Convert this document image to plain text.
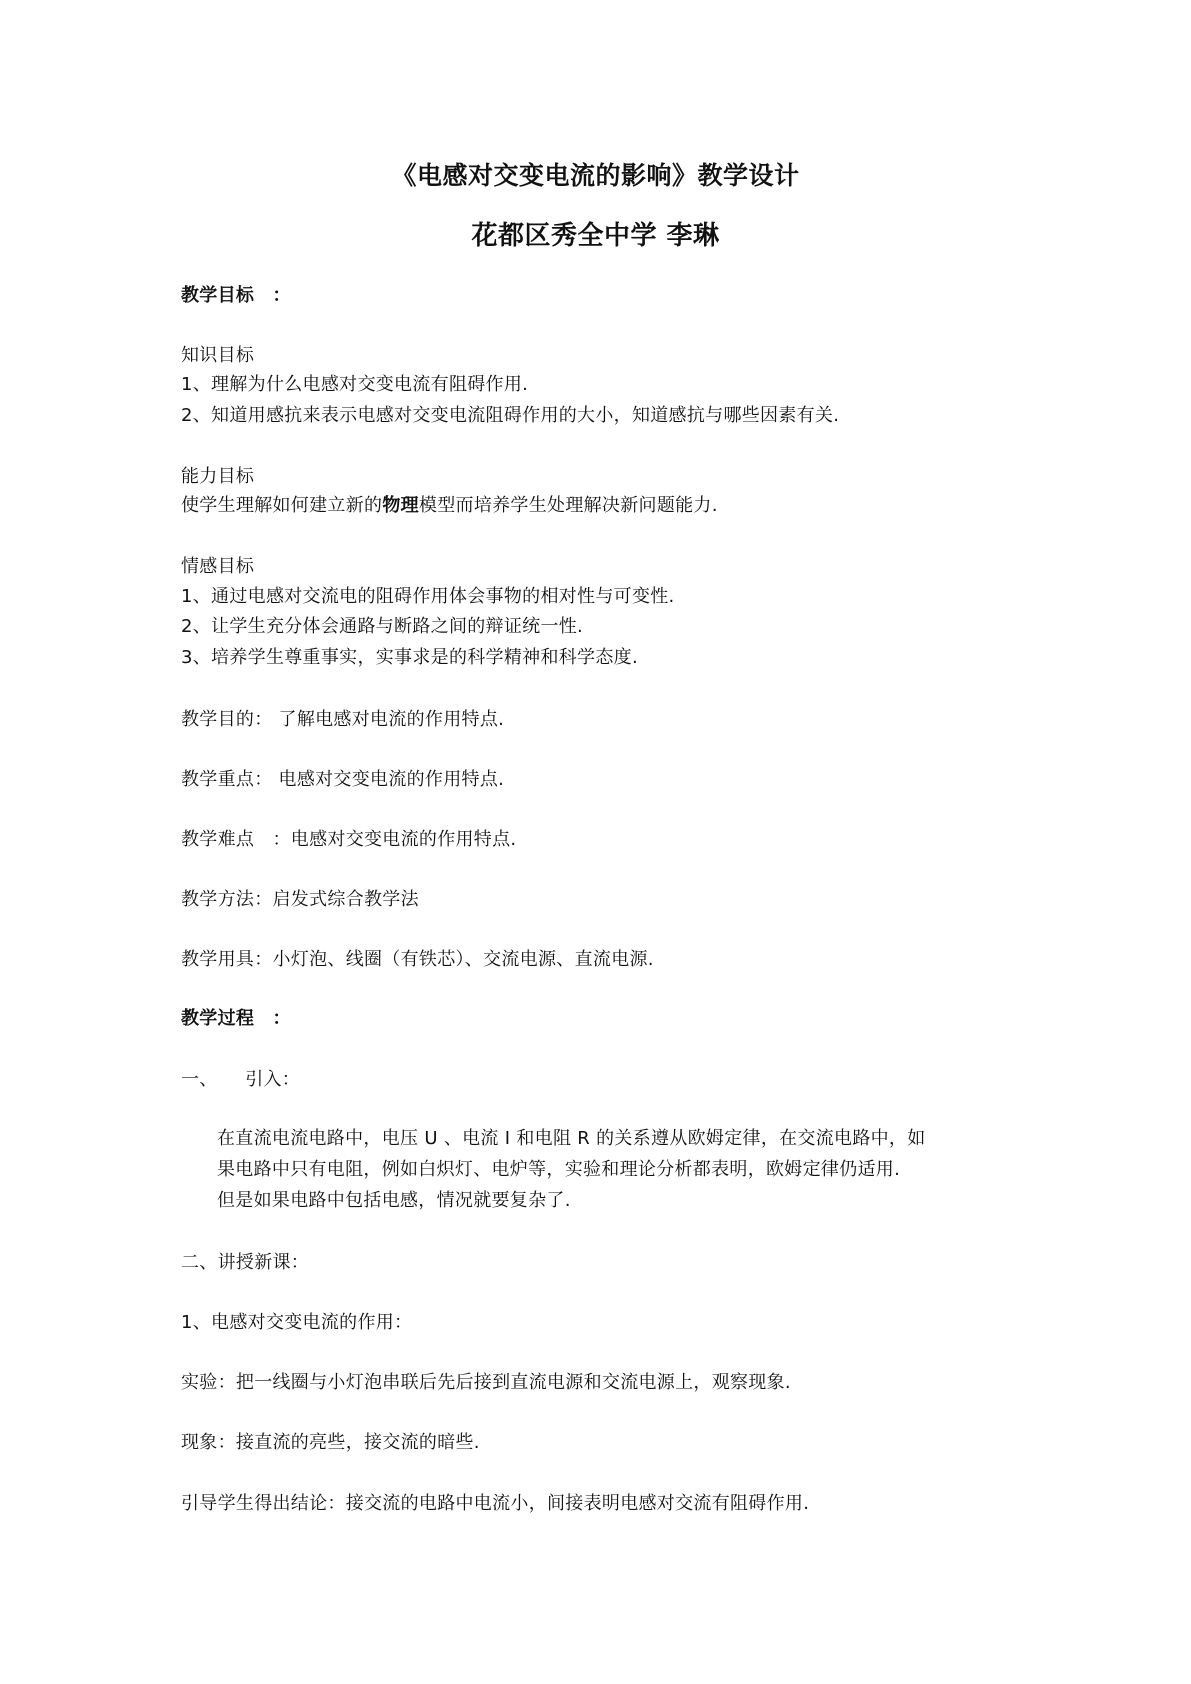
《电感对交变电流的影响》教学设计
花都区秀全中学 李琳
教学目标　：
知识目标
1、理解为什么电感对交变电流有阻碍作用.
2、知道用感抗来表示电感对交变电流阻碍作用的大小，知道感抗与哪些因素有关.
能力目标
使学生理解如何建立新的物理模型而培养学生处理解决新问题能力.
情感目标
1、通过电感对交流电的阻碍作用体会事物的相对性与可变性.
2、让学生充分体会通路与断路之间的辩证统一性.
3、培养学生尊重事实，实事求是的科学精神和科学态度.
教学目的： 了解电感对电流的作用特点.
教学重点： 电感对交变电流的作用特点.
教学难点　：电感对交变电流的作用特点.
教学方法：启发式综合教学法
教学用具：小灯泡、线圈（有铁芯）、交流电源、直流电源.
教学过程　：
一、　　引入：
在直流电流电路中，电压 U 、电流 I 和电阻 R 的关系遵从欧姆定律，在交流电路中，如
果电路中只有电阻，例如白炽灯、电炉等，实验和理论分析都表明，欧姆定律仍适用.
但是如果电路中包括电感，情况就要复杂了.
二、讲授新课：
1、电感对交变电流的作用：
实验：把一线圈与小灯泡串联后先后接到直流电源和交流电源上，观察现象.
现象：接直流的亮些，接交流的暗些.
引导学生得出结论：接交流的电路中电流小，间接表明电感对交流有阻碍作用.
